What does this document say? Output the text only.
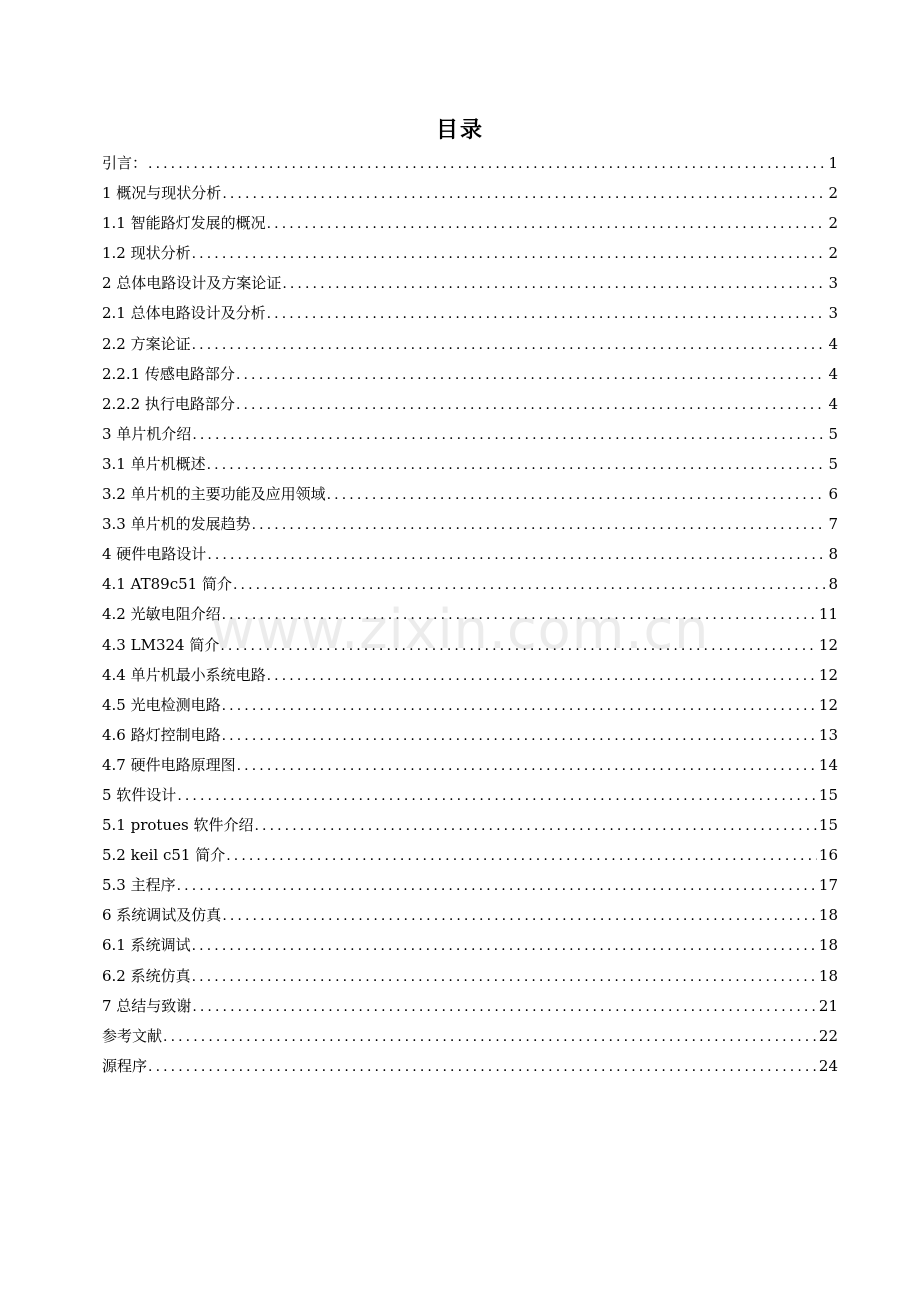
目录
引言： .....	1
1 概况与现状分析 .....	2
1.1 智能路灯发展的概况 .....	2
1.2 现状分析 .....	2
2 总体电路设计及方案论证 .....	3
2.1 总体电路设计及分析 .....	3
2.2 方案论证 .....	4
2.2.1 传感电路部分 .....	4
2.2.2 执行电路部分 .....	4
3 单片机介绍 .....	5
3.1 单片机概述 .....	5
3.2 单片机的主要功能及应用领域 .....	6
3.3 单片机的发展趋势 .....	7
4 硬件电路设计 .....	8
4.1 AT89c51 简介 .....	8
4.2 光敏电阻介绍 .....	11
4.3 LM324 简介 .....	12
4.4 单片机最小系统电路 .....	12
4.5 光电检测电路 .....	12
4.6 路灯控制电路 .....	13
4.7 硬件电路原理图 .....	14
5 软件设计 .....	15
5.1 protues 软件介绍 .....	15
5.2 keil c51 简介 .....	16
5.3 主程序 .....	17
6 系统调试及仿真 .....	18
6.1 系统调试 .....	18
6.2 系统仿真 .....	18
7 总结与致谢 .....	21
参考文献 .....	22
源程序 .....	24
www.zixin.com.cn
